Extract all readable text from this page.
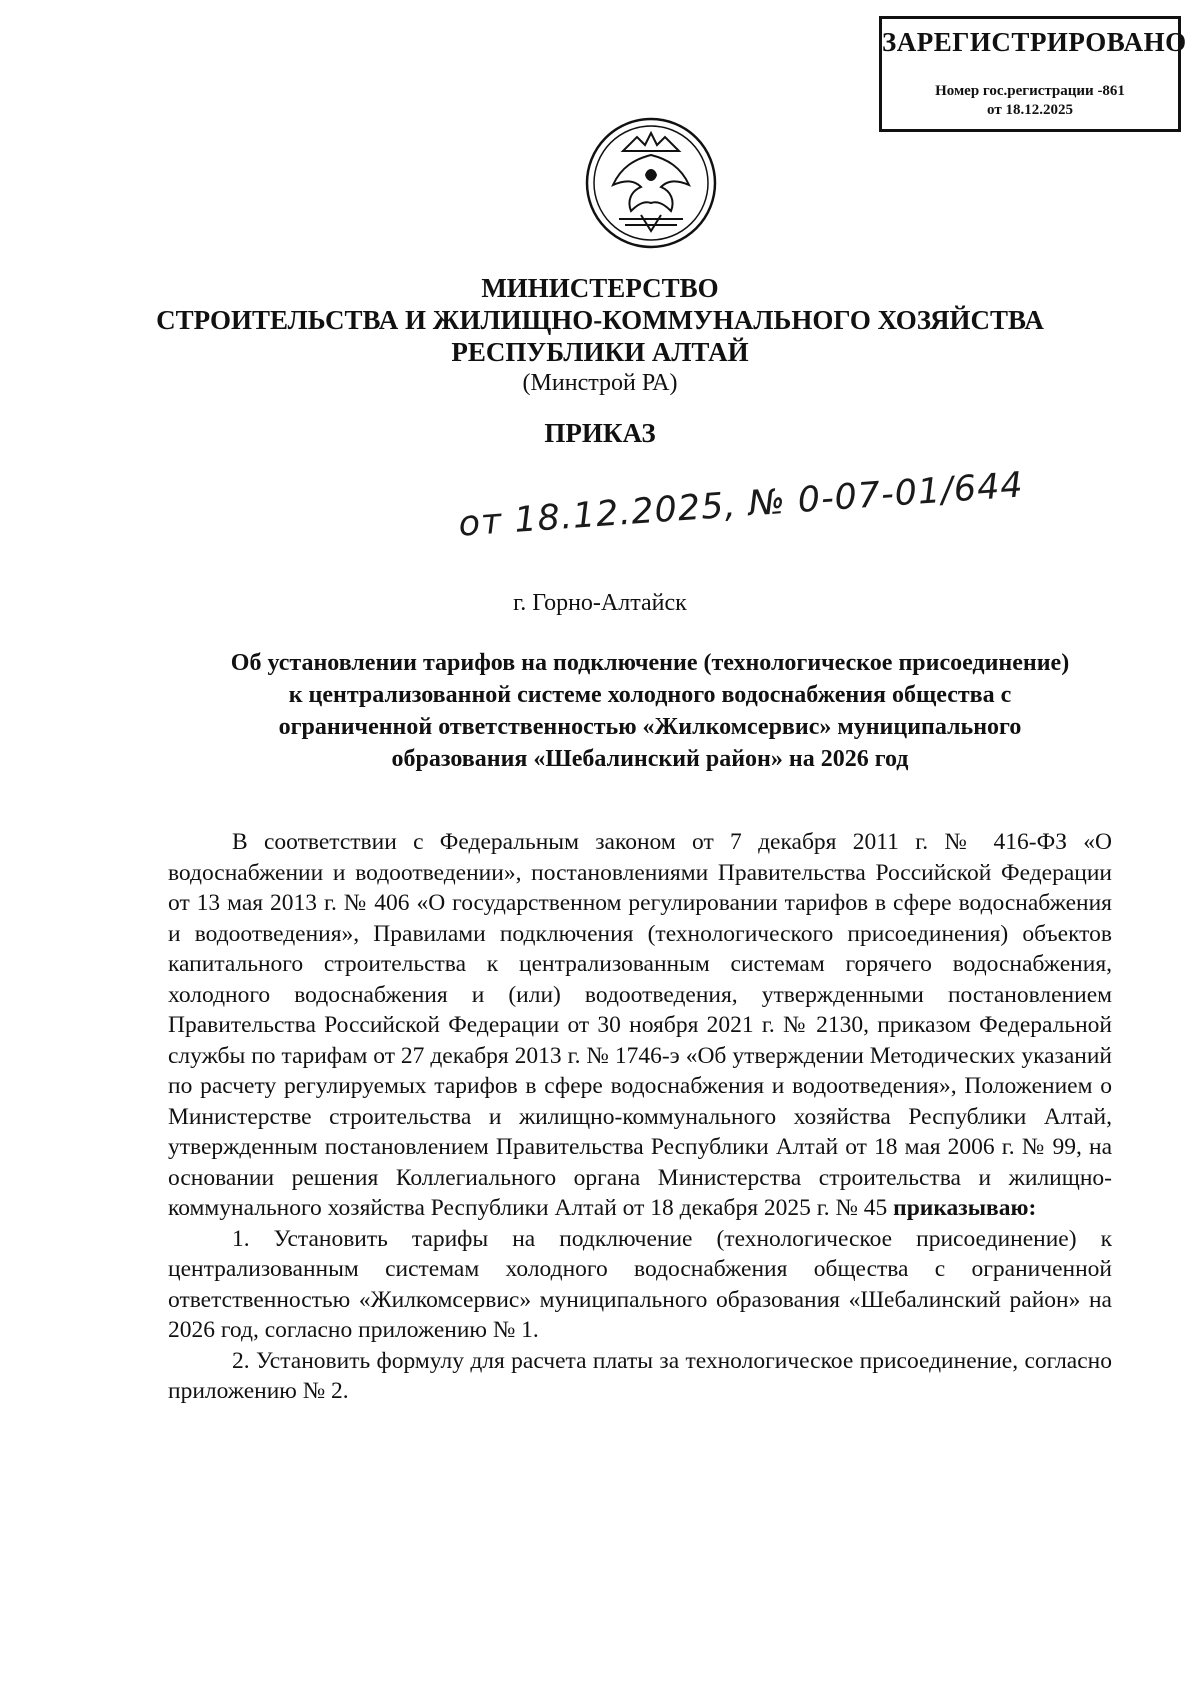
ЗАРЕГИСТРИРОВАНО
Номер гос.регистрации -861
от 18.12.2025
МИНИСТЕРСТВО
СТРОИТЕЛЬСТВА И ЖИЛИЩНО-КОММУНАЛЬНОГО ХОЗЯЙСТВА
РЕСПУБЛИКИ АЛТАЙ
(Минстрой РА)
ПРИКАЗ
от 18.12.2025, № 0-07-01/644
г. Горно-Алтайск
Об установлении тарифов на подключение (технологическое присоединение)
к централизованной системе холодного водоснабжения общества с
ограниченной ответственностью «Жилкомсервис» муниципального
образования «Шебалинский район» на 2026 год

В соответствии с Федеральным законом от 7 декабря 2011 г. № 416-ФЗ «О водоснабжении и водоотведении», постановлениями Правительства Российской Федерации от 13 мая 2013 г. № 406 «О государственном регулировании тарифов в сфере водоснабжения и водоотведения», Правилами подключения (технологического присоединения) объектов капитального строительства к централизованным системам горячего водоснабжения, холодного водоснабжения и (или) водоотведения, утвержденными постановлением Правительства Российской Федерации от 30 ноября 2021 г. № 2130, приказом Федеральной службы по тарифам от 27 декабря 2013 г. № 1746-э «Об утверждении Методических указаний по расчету регулируемых тарифов в сфере водоснабжения и водоотведения», Положением о Министерстве строительства и жилищно-коммунального хозяйства Республики Алтай, утвержденным постановлением Правительства Республики Алтай от 18 мая 2006 г. № 99, на основании решения Коллегиального органа Министерства строительства и жилищно-коммунального хозяйства Республики Алтай от 18 декабря 2025 г. № 45 приказываю:

1. Установить тарифы на подключение (технологическое присоединение) к централизованным системам холодного водоснабжения общества с ограниченной ответственностью «Жилкомсервис» муниципального образования «Шебалинский район» на 2026 год, согласно приложению № 1.

2. Установить формулу для расчета платы за технологическое присоединение, согласно приложению № 2.
